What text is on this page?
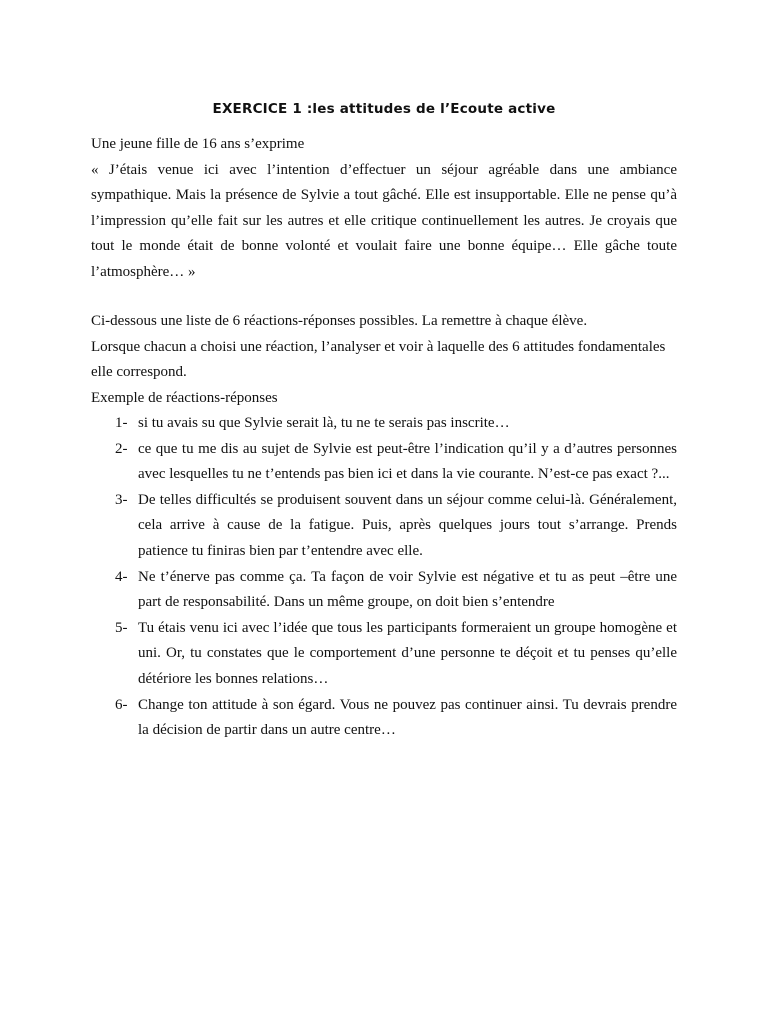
EXERCICE 1 :les attitudes de l’Ecoute active

Une jeune fille de 16 ans s’exprime

« J’étais venue ici avec l’intention d’effectuer un séjour agréable dans une ambiance sympathique. Mais la présence de Sylvie a tout gâché. Elle est insupportable. Elle ne pense qu’à l’impression qu’elle fait sur les autres et elle critique continuellement les autres. Je croyais que tout le monde était de bonne volonté et voulait faire une bonne équipe… Elle gâche toute l’atmosphère… »

Ci-dessous une liste de 6 réactions-réponses possibles. La remettre à chaque élève.

Lorsque chacun a choisi une réaction, l’analyser et voir à laquelle des 6 attitudes fondamentales elle correspond.

Exemple de réactions-réponses

1- si tu avais su que Sylvie serait là, tu ne te serais pas inscrite…
2- ce que tu me dis au sujet de Sylvie est peut-être l’indication qu’il y a d’autres personnes avec lesquelles tu ne t’entends pas bien ici et dans la vie courante. N’est-ce pas exact ?...
3- De telles difficultés se produisent souvent dans un séjour comme celui-là. Généralement, cela arrive à cause de la fatigue. Puis, après quelques jours tout s’arrange. Prends patience tu finiras bien par t’entendre avec elle.
4- Ne t’énerve pas comme ça. Ta façon de voir Sylvie est négative et tu as peut –être une part de responsabilité. Dans un même groupe, on doit bien s’entendre
5- Tu étais venu ici avec l’idée que tous les participants formeraient un groupe homogène et uni. Or, tu constates que le comportement d’une personne te déçoit et tu penses qu’elle détériore les bonnes relations…
6- Change ton attitude à son égard. Vous ne pouvez pas continuer ainsi. Tu devrais prendre la décision de partir dans un autre centre…
